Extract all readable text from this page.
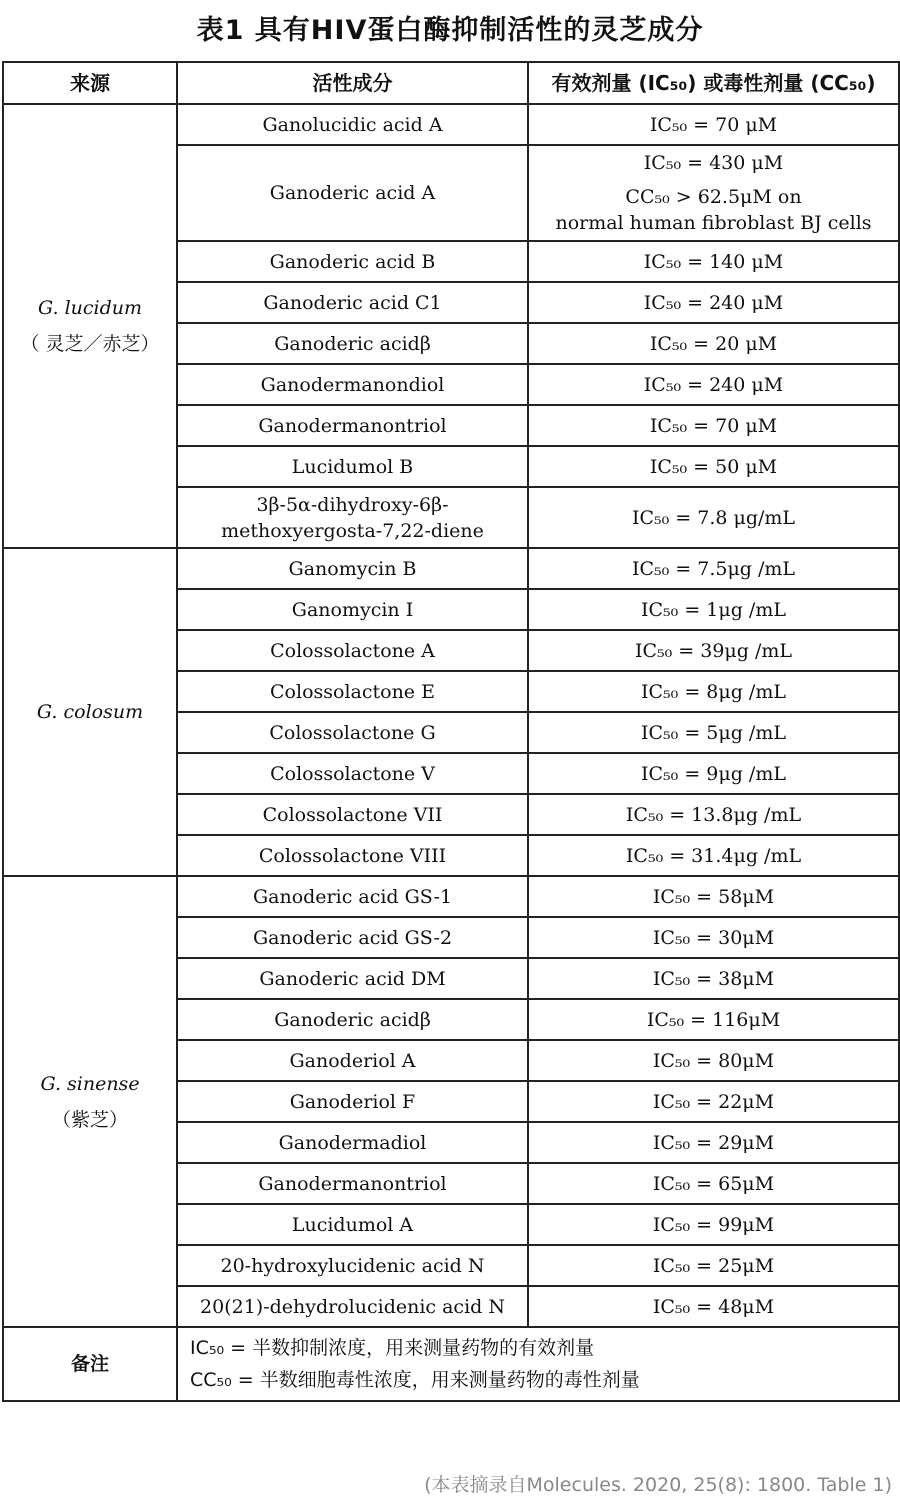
表1 具有HIV蛋白酶抑制活性的灵芝成分
来源	活性成分	有效剂量 (IC₅₀) 或毒性剂量 (CC₅₀)

G. lucidum
（ 灵芝／赤芝）	Ganolucidic acid A	IC₅₀ = 70 μM
	Ganoderic acid A	IC₅₀ = 430 μM
CC₅₀ > 62.5μM on
normal human fibroblast BJ cells

	Ganoderic acid B	IC₅₀ = 140 μM
	Ganoderic acid C1	IC₅₀ = 240 μM
	Ganoderic acidβ	IC₅₀ = 20 μM
	Ganodermanondiol	IC₅₀ = 240 μM
	Ganodermanontriol	IC₅₀ = 70 μM
	Lucidumol B	IC₅₀ = 50 μM

	3β-5α-dihydroxy-6β-
methoxyergosta-7,22-diene	IC₅₀ = 7.8 μg/mL

G. colosum	Ganomycin B	IC₅₀ = 7.5μg /mL
	Ganomycin I	IC₅₀ = 1μg /mL
	Colossolactone A	IC₅₀ = 39μg /mL
	Colossolactone E	IC₅₀ = 8μg /mL
	Colossolactone G	IC₅₀ = 5μg /mL
	Colossolactone V	IC₅₀ = 9μg /mL
	Colossolactone VII	IC₅₀ = 13.8μg /mL
	Colossolactone VIII	IC₅₀ = 31.4μg /mL

G. sinense
（紫芝）	Ganoderic acid GS-1	IC₅₀ = 58μM
	Ganoderic acid GS-2	IC₅₀ = 30μM
	Ganoderic acid DM	IC₅₀ = 38μM
	Ganoderic acidβ	IC₅₀ = 116μM
	Ganoderiol A	IC₅₀ = 80μM
	Ganoderiol F	IC₅₀ = 22μM
	Ganodermadiol	IC₅₀ = 29μM
	Ganodermanontriol	IC₅₀ = 65μM
	Lucidumol A	IC₅₀ = 99μM
	20-hydroxylucidenic acid N	IC₅₀ = 25μM
	20(21)-dehydrolucidenic acid N	IC₅₀ = 48μM
备注	IC₅₀ = 半数抑制浓度，用来测量药物的有效剂量
CC₅₀ = 半数细胞毒性浓度，用来测量药物的毒性剂量	
(本表摘录自Molecules. 2020, 25(8): 1800. Table 1)
